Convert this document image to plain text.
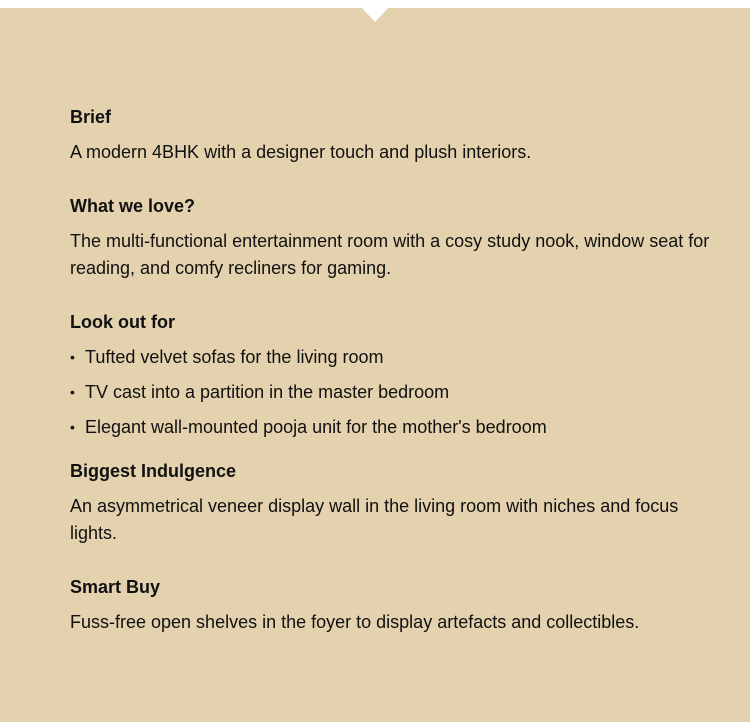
Brief

A modern 4BHK with a designer touch and plush interiors.

What we love?

The multi-functional entertainment room with a cosy study nook, window seat for reading, and comfy recliners for gaming.

Look out for
• Tufted velvet sofas for the living room
• TV cast into a partition in the master bedroom
• Elegant wall-mounted pooja unit for the mother's bedroom
Biggest Indulgence

An asymmetrical veneer display wall in the living room with niches and focus lights.

Smart Buy

Fuss-free open shelves in the foyer to display artefacts and collectibles.
